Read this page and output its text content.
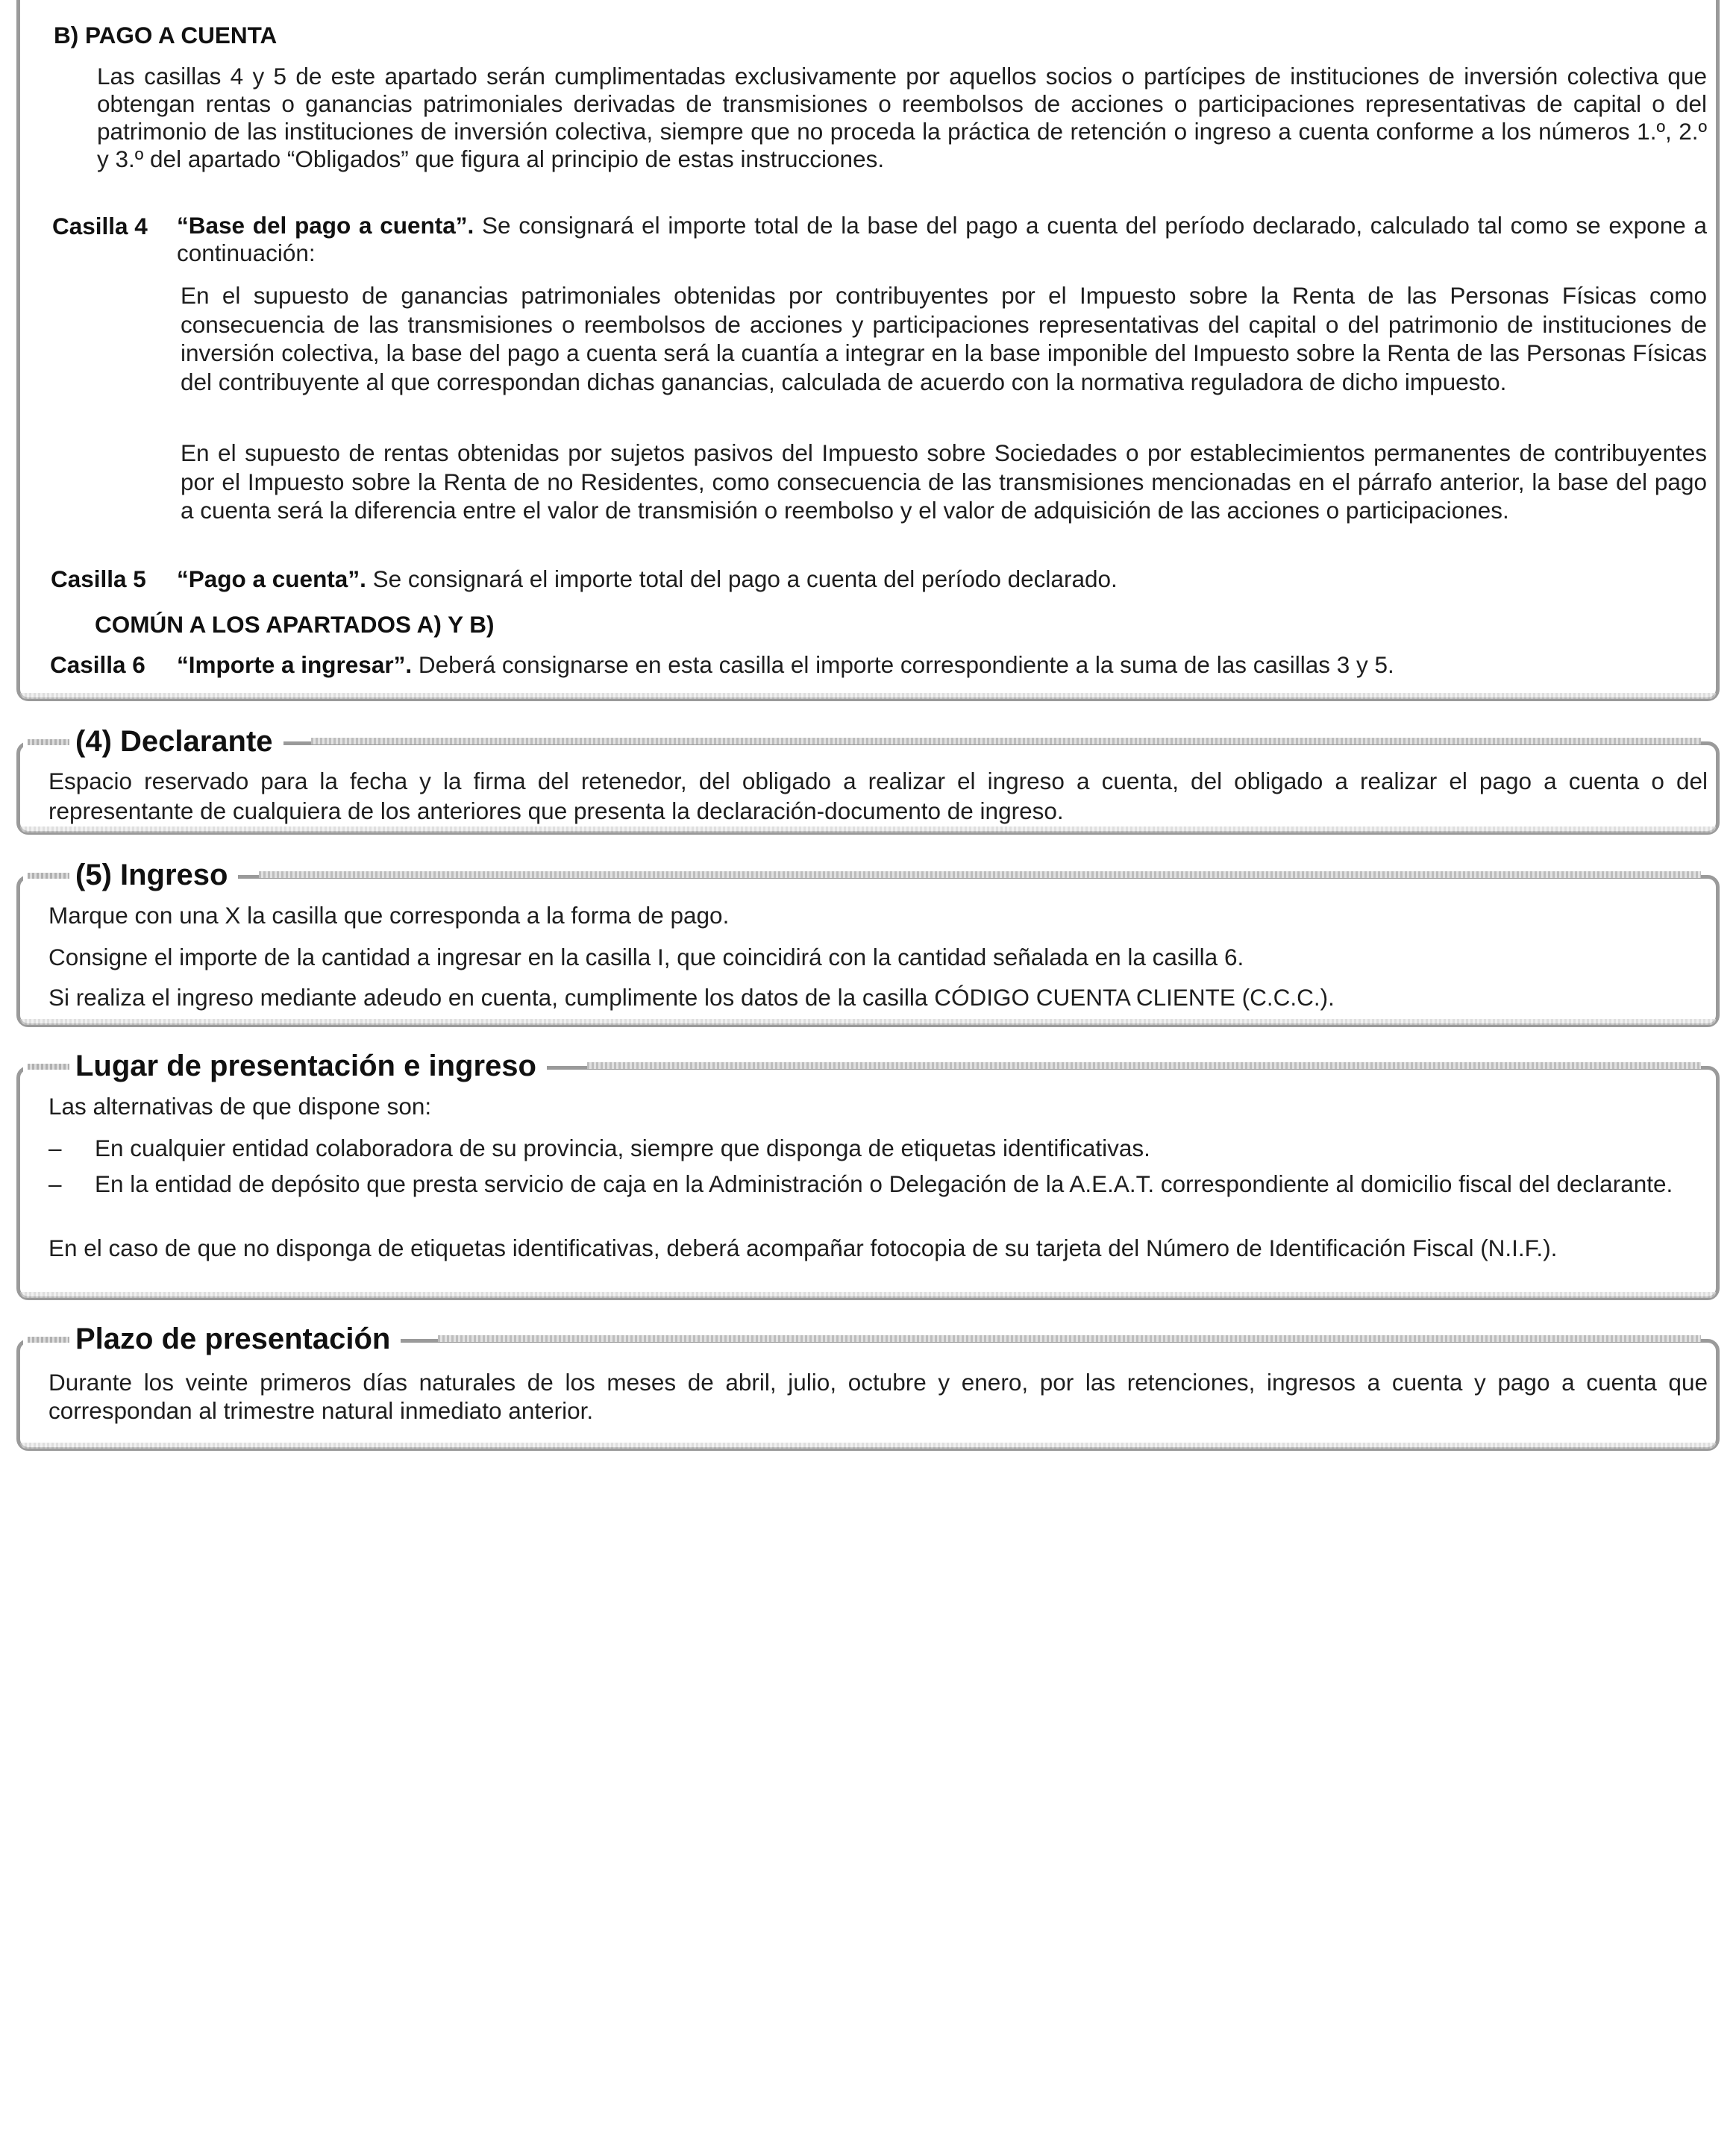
B) PAGO A CUENTA

Las casillas 4 y 5 de este apartado serán cumplimentadas exclusivamente por aquellos socios o partícipes de instituciones de inversión colectiva que obtengan rentas o ganancias patrimoniales derivadas de transmisiones o reembolsos de acciones o participaciones representativas de capital o del patrimonio de las instituciones de inversión colectiva, siempre que no proceda la práctica de retención o ingreso a cuenta conforme a los números 1.º, 2.º y 3.º del apartado “Obligados” que figura al principio de estas instrucciones.

Casilla 4 “Base del pago a cuenta”. Se consignará el importe total de la base del pago a cuenta del período declarado, calculado tal como se expone a continuación:

En el supuesto de ganancias patrimoniales obtenidas por contribuyentes por el Impuesto sobre la Renta de las Personas Físicas como consecuencia de las transmisiones o reembolsos de acciones y participaciones representativas del capital o del patrimonio de instituciones de inversión colectiva, la base del pago a cuenta será la cuantía a integrar en la base imponible del Impuesto sobre la Renta de las Personas Físicas del contribuyente al que correspondan dichas ganancias, calculada de acuerdo con la normativa reguladora de dicho impuesto.

En el supuesto de rentas obtenidas por sujetos pasivos del Impuesto sobre Sociedades o por establecimientos permanentes de contribuyentes por el Impuesto sobre la Renta de no Residentes, como consecuencia de las transmisiones mencionadas en el párrafo anterior, la base del pago a cuenta será la diferencia entre el valor de transmisión o reembolso y el valor de adquisición de las acciones o participaciones.

Casilla 5 “Pago a cuenta”. Se consignará el importe total del pago a cuenta del período declarado.

COMÚN A LOS APARTADOS A) Y B)
Casilla 6 “Importe a ingresar”. Deberá consignarse en esta casilla el importe correspondiente a la suma de las casillas 3 y 5.

(4) Declarante

Espacio reservado para la fecha y la firma del retenedor, del obligado a realizar el ingreso a cuenta, del obligado a realizar el pago a cuenta o del representante de cualquiera de los anteriores que presenta la declaración-documento de ingreso.

(5) Ingreso

Marque con una X la casilla que corresponda a la forma de pago.

Consigne el importe de la cantidad a ingresar en la casilla I, que coincidirá con la cantidad señalada en la casilla 6.

Si realiza el ingreso mediante adeudo en cuenta, cumplimente los datos de la casilla CÓDIGO CUENTA CLIENTE (C.C.C.).

Lugar de presentación e ingreso

Las alternativas de que dispone son:

– En cualquier entidad colaboradora de su provincia, siempre que disponga de etiquetas identificativas.

– En la entidad de depósito que presta servicio de caja en la Administración o Delegación de la A.E.A.T. correspondiente al domicilio fiscal del declarante.

En el caso de que no disponga de etiquetas identificativas, deberá acompañar fotocopia de su tarjeta del Número de Identificación Fiscal (N.I.F.).

Plazo de presentación

Durante los veinte primeros días naturales de los meses de abril, julio, octubre y enero, por las retenciones, ingresos a cuenta y pago a cuenta que correspondan al trimestre natural inmediato anterior.
